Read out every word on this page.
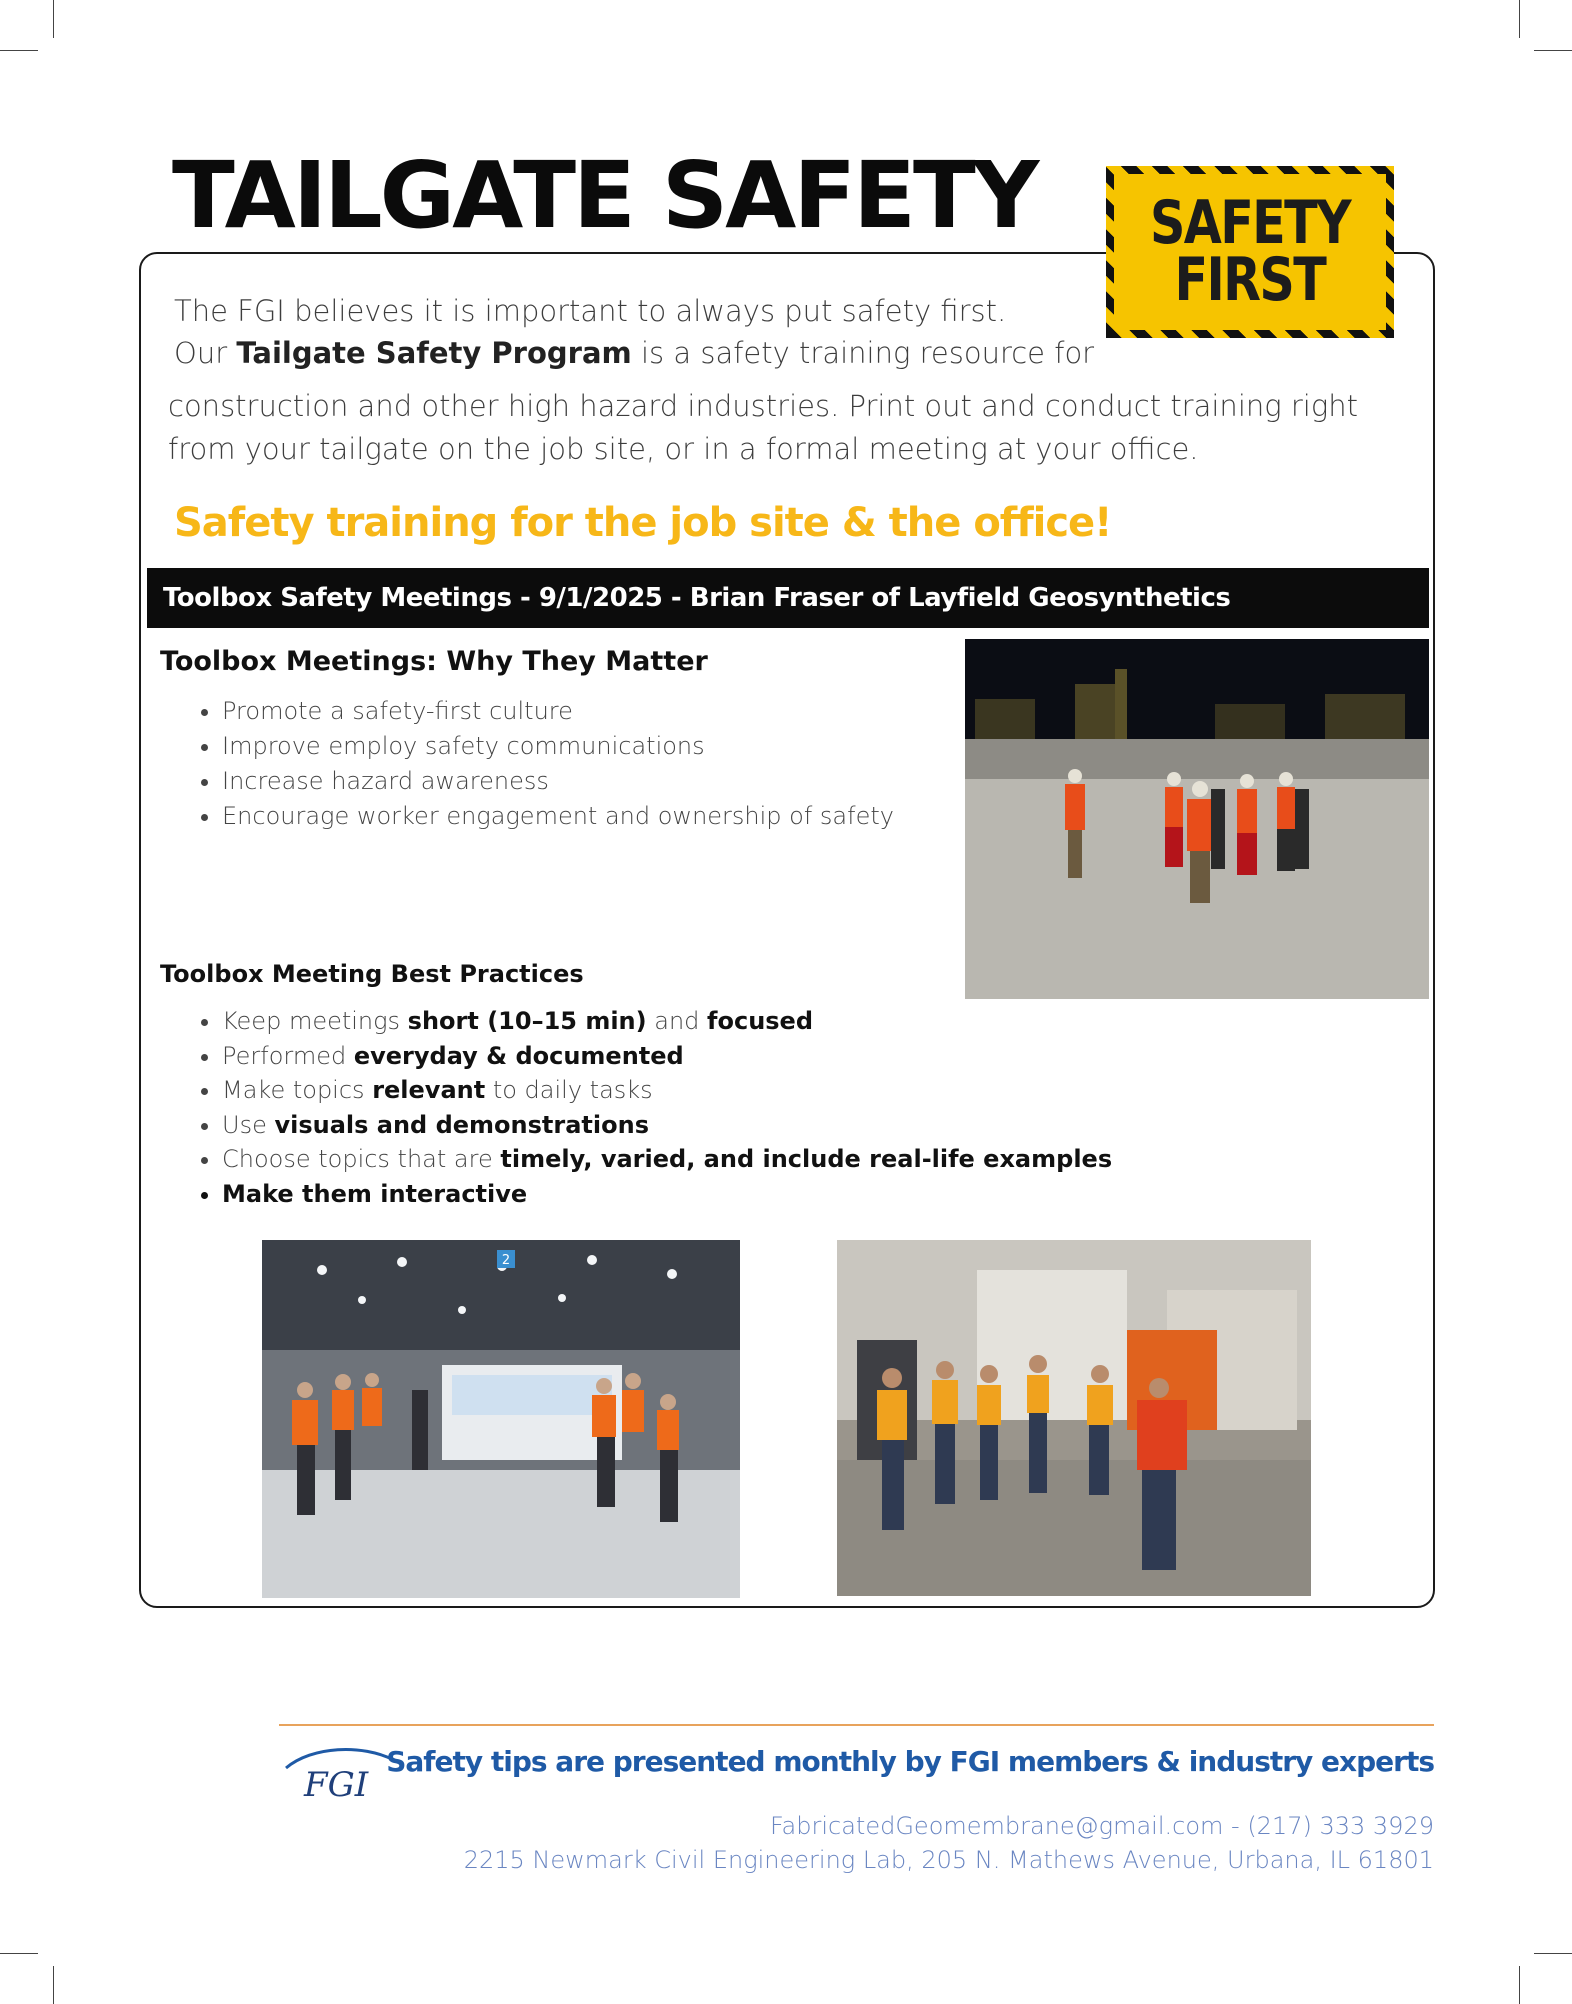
TAILGATE SAFETY SAFETY
FIRST
The FGI believes it is important to always put safety first.
Our Tailgate Safety Program is a safety training resource for
construction and other high hazard industries. Print out and conduct training right
from your tailgate on the job site, or in a formal meeting at your office.
Safety training for the job site & the office!
Toolbox Safety Meetings - 9/1/2025 - Brian Fraser of Layfield Geosynthetics
Toolbox Meetings: Why They Matter
• Promote a safety-first culture
• Improve employ safety communications
• Increase hazard awareness
• Encourage worker engagement and ownership of safety
Toolbox Meeting Best Practices
• Keep meetings short (10–15 min) and focused
• Performed everyday & documented
• Make topics relevant to daily tasks
• Use visuals and demonstrations
• Choose topics that are timely, varied, and include real-life examples
• Make them interactive
2
FGI

Safety tips are presented monthly by FGI members & industry experts

FabricatedGeomembrane@gmail.com - (217) 333 3929

2215 Newmark Civil Engineering Lab, 205 N. Mathews Avenue, Urbana, IL 61801
